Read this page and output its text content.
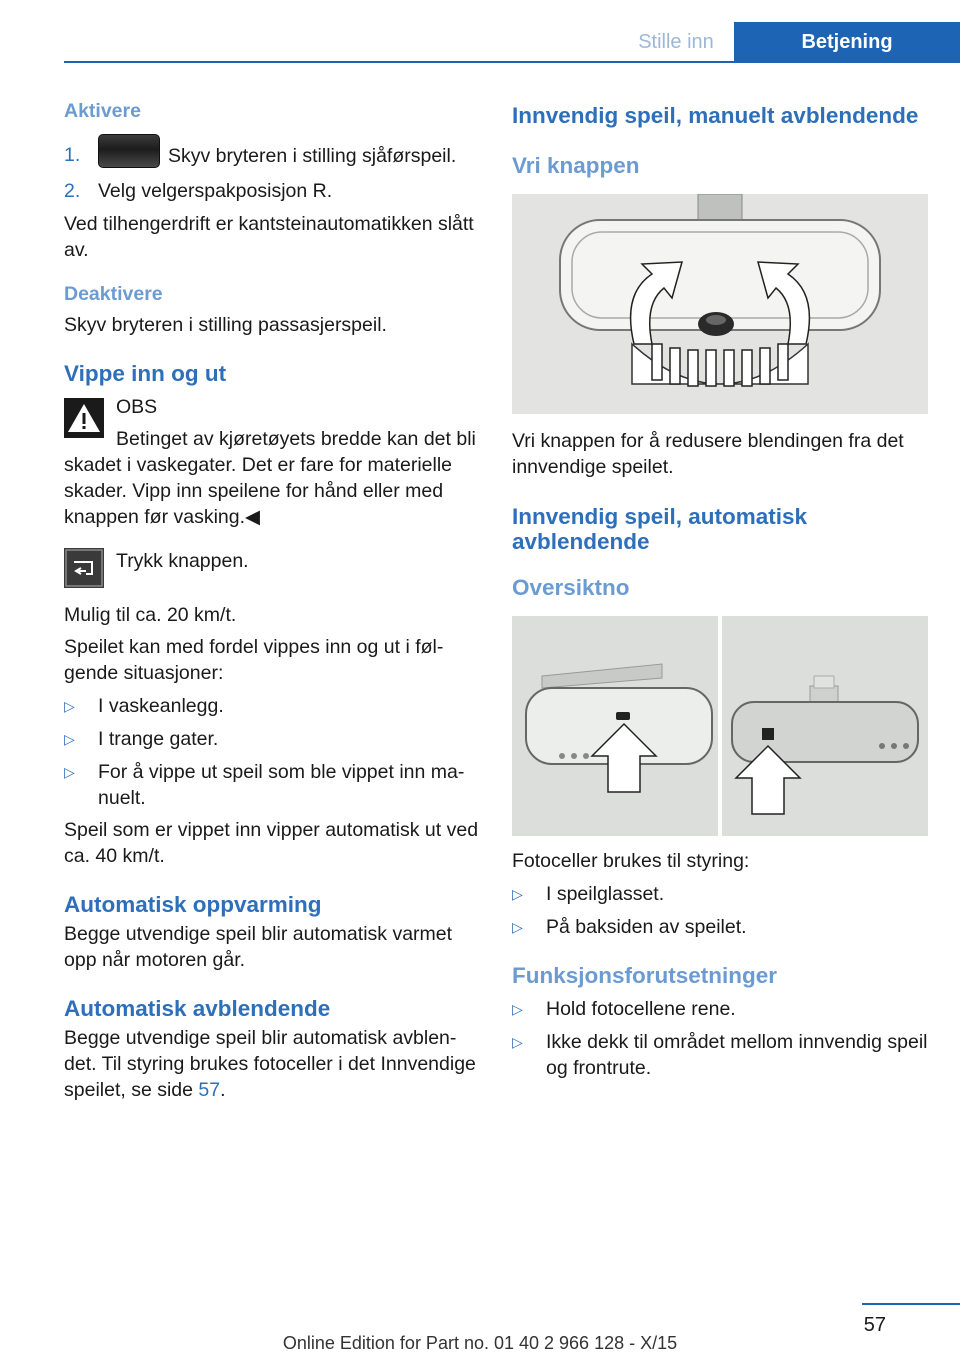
Stille inn	Betjening
Aktivere
1.	Skyv bryteren i stilling sjåførspeil.
2. Velg velgerspakposisjon R.

Ved tilhengerdrift er kantsteinautomatikken slått av.

Deaktivere

Skyv bryteren i stilling passasjerspeil.

Vippe inn og ut
OBS

Betinget av kjøretøyets bredde kan det bli skadet i vaskegater. Det er fare for materielle skader. Vipp inn speilene for hånd eller med knappen før vasking.◀

Trykk knappen.

Mulig til ca. 20 km/t.

Speilet kan med fordel vippes inn og ut i følgende situasjoner:

▷ I vaskeanlegg.
▷ I trange gater.
▷ For å vippe ut speil som ble vippet inn manuelt.

Speil som er vippet inn vipper automatisk ut ved ca. 40 km/t.

Automatisk oppvarming

Begge utvendige speil blir automatisk varmet opp når motoren går.

Automatisk avblendende

Begge utvendige speil blir automatisk avblendet. Til styring brukes fotoceller i det Innvendige speilet, se side 57.

Innvendig speil, manuelt avblendende
Vri knappen

Vri knappen for å redusere blendingen fra det innvendige speilet.

Innvendig speil, automatisk avblendende
Oversiktno

Fotoceller brukes til styring:

▷ I speilglasset.
▷ På baksiden av speilet.
Funksjonsforutsetninger
▷ Hold fotocellene rene.
▷ Ikke dekk til området mellom innvendig speil og frontrute.
57
Online Edition for Part no. 01 40 2 966 128 - X/15
